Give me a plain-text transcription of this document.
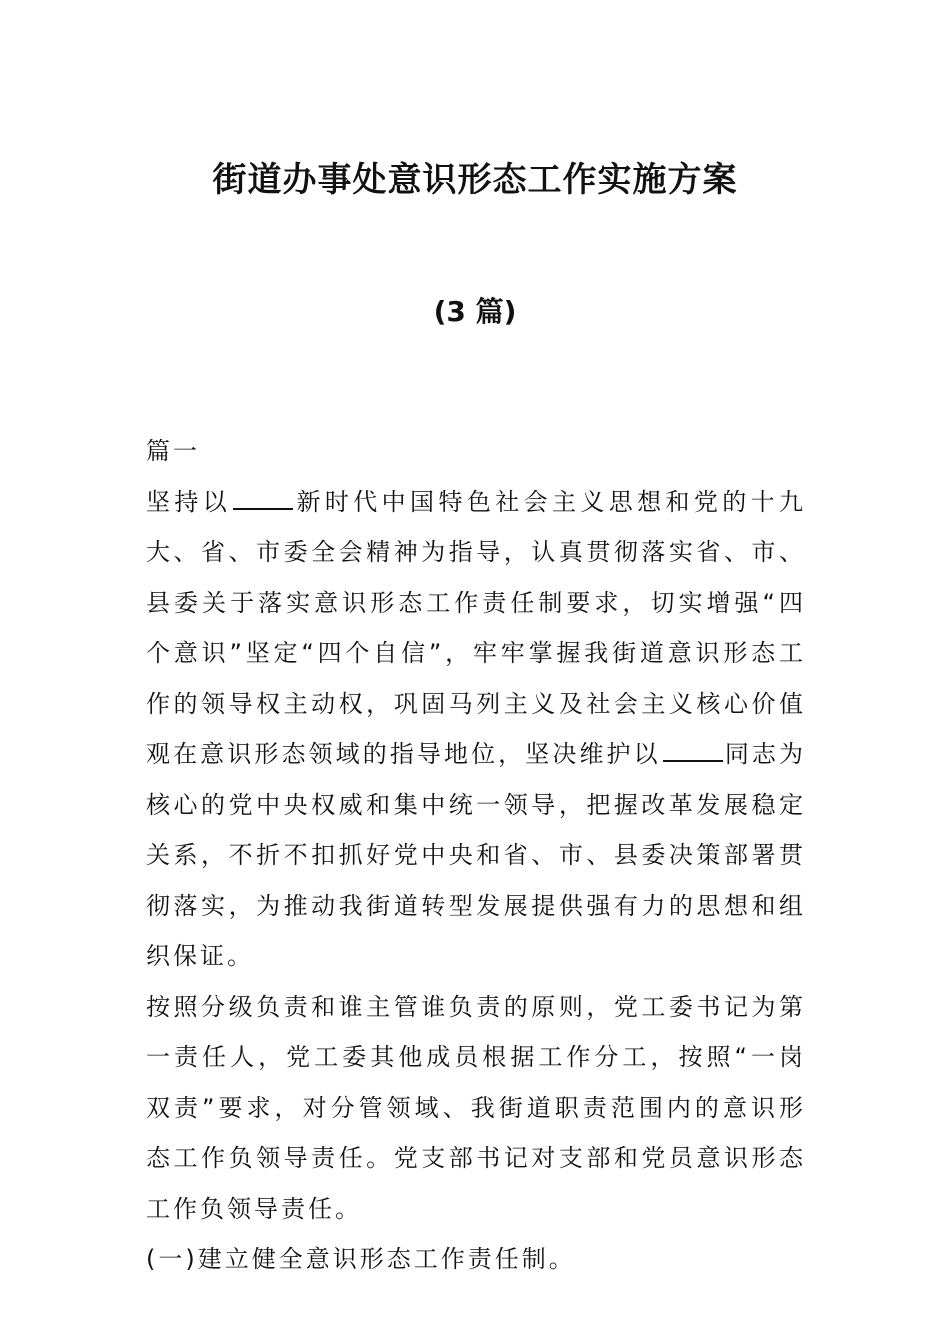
街道办事处意识形态工作实施方案
(3 篇)

篇一

坚持以	新时代中国特色社会主义思想和党的十九大、省、市委全会精神为指导，认真贯彻落实省、市、县委关于落实意识形态工作责任制要求，切实增强“四个意识”坚定“四个自信”，牢牢掌握我街道意识形态工作的领导权主动权，巩固马列主义及社会主义核心价值观在意识形态领域的指导地位，坚决维护以	同志为核心的党中央权威和集中统一领导，把握改革发展稳定关系，不折不扣抓好党中央和省、市、县委决策部署贯彻落实，为推动我街道转型发展提供强有力的思想和组织保证。

按照分级负责和谁主管谁负责的原则，党工委书记为第一责任人，党工委其他成员根据工作分工，按照“一岗双责”要求，对分管领域、我街道职责范围内的意识形态工作负领导责任。党支部书记对支部和党员意识形态工作负领导责任。

(一)建立健全意识形态工作责任制。
